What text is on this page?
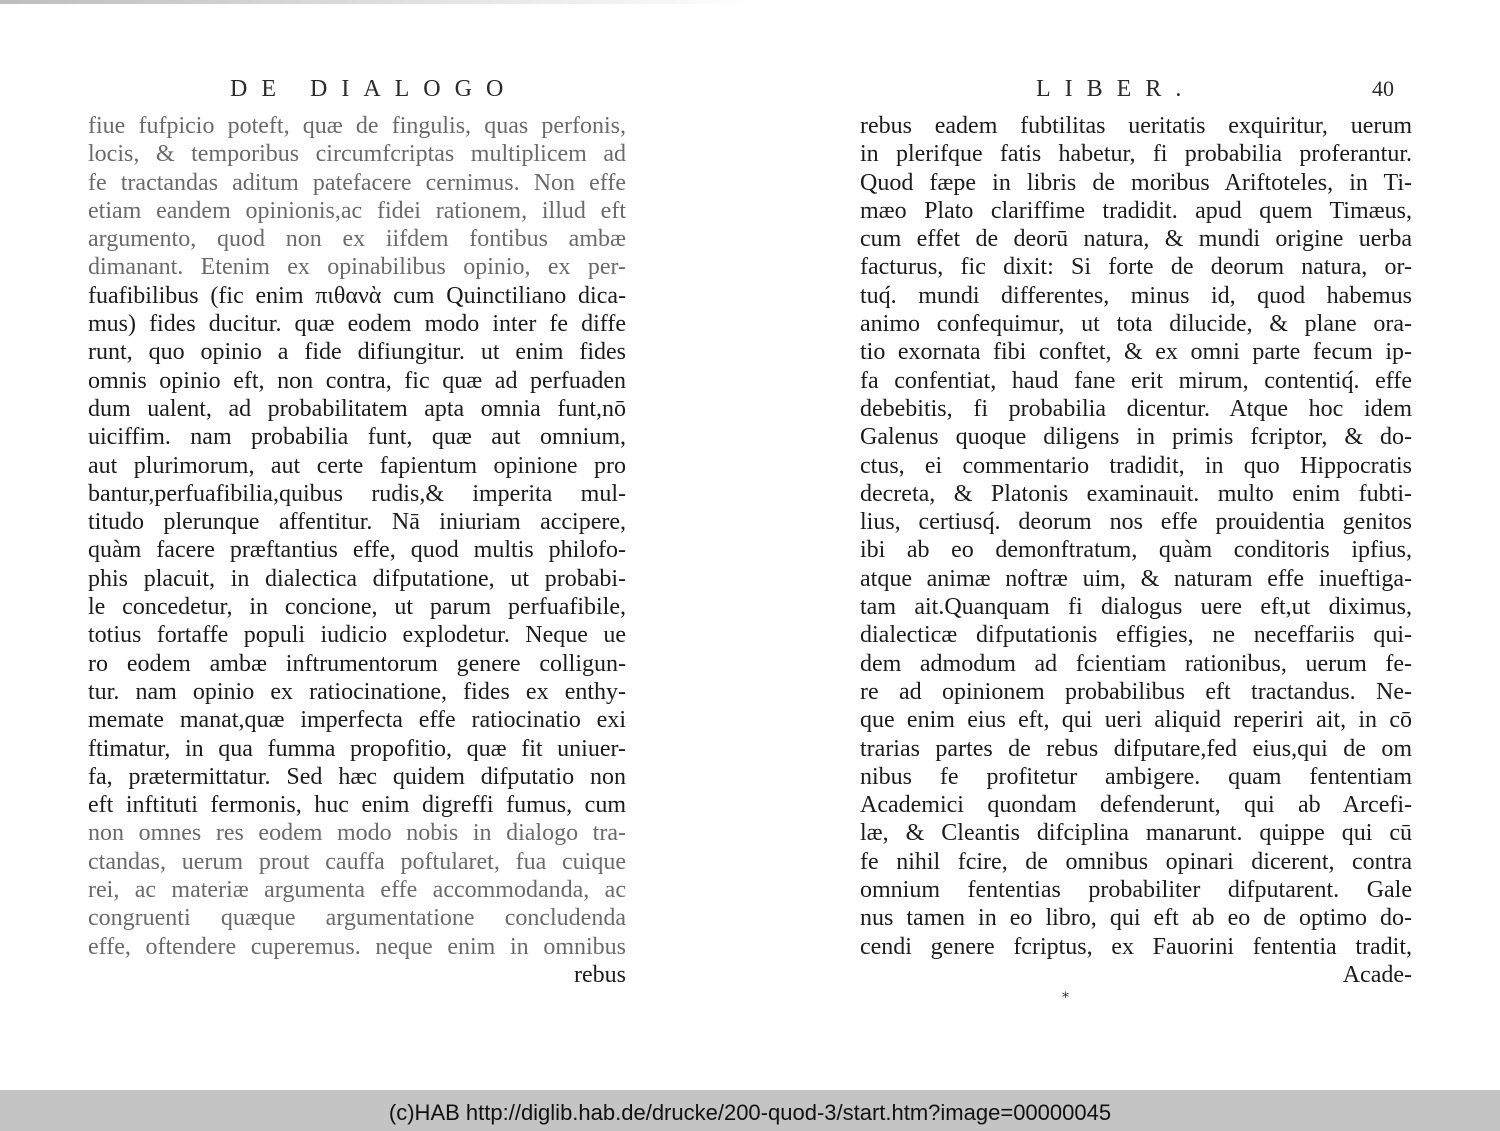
DE DIALOGO
fiue fufpicio poteft, quæ de fingulis, quas perfonis,
locis, & temporibus circumfcriptas multiplicem ad
fe tractandas aditum patefacere cernimus. Non effe
etiam eandem opinionis,ac fidei rationem, illud eft
argumento, quod non ex iifdem fontibus ambæ
dimanant. Etenim ex opinabilibus opinio, ex per-
fuafibilibus (fic enim πιθανὰ cum Quinctiliano dica-
mus) fides ducitur. quæ eodem modo inter fe diffe
runt, quo opinio a fide difiungitur. ut enim fides
omnis opinio eft, non contra, fic quæ ad perfuaden
dum ualent, ad probabilitatem apta omnia funt,nō
uiciffim. nam probabilia funt, quæ aut omnium,
aut plurimorum, aut certe fapientum opinione pro
bantur,perfuafibilia,quibus rudis,& imperita mul-
titudo plerunque affentitur. Nā iniuriam accipere,
quàm facere præftantius effe, quod multis philofo-
phis placuit, in dialectica difputatione, ut probabi-
le concedetur, in concione, ut parum perfuafibile,
totius fortaffe populi iudicio explodetur. Neque ue
ro eodem ambæ inftrumentorum genere colligun-
tur. nam opinio ex ratiocinatione, fides ex enthy-
memate manat,quæ imperfecta effe ratiocinatio exi
ftimatur, in qua fumma propofitio, quæ fit uniuer-
fa, prætermittatur. Sed hæc quidem difputatio non
eft inftituti fermonis, huc enim digreffi fumus, cum
non omnes res eodem modo nobis in dialogo tra-
ctandas, uerum prout cauffa poftularet, fua cuique
rei, ac materiæ argumenta effe accommodanda, ac
congruenti quæque argumentatione concludenda
effe, oftendere cuperemus. neque enim in omnibus
rebus
LIBER.	40
rebus eadem fubtilitas ueritatis exquiritur, uerum
in plerifque fatis habetur, fi probabilia proferantur.
Quod fæpe in libris de moribus Ariftoteles, in Ti-
mæo Plato clariffime tradidit. apud quem Timæus,
cum effet de deorū natura, & mundi origine uerba
facturus, fic dixit: Si forte de deorum natura, or-
tuq́. mundi differentes, minus id, quod habemus
animo confequimur, ut tota dilucide, & plane ora-
tio exornata fibi conftet, & ex omni parte fecum ip-
fa confentiat, haud fane erit mirum, contentiq́. effe
debebitis, fi probabilia dicentur. Atque hoc idem
Galenus quoque diligens in primis fcriptor, & do-
ctus, ei commentario tradidit, in quo Hippocratis
decreta, & Platonis examinauit. multo enim fubti-
lius, certiusq́. deorum nos effe prouidentia genitos
ibi ab eo demonftratum, quàm conditoris ipfius,
atque animæ noftræ uim, & naturam effe inueftiga-
tam ait.Quanquam fi dialogus uere eft,ut diximus,
dialecticæ difputationis effigies, ne neceffariis qui-
dem admodum ad fcientiam rationibus, uerum fe-
re ad opinionem probabilibus eft tractandus. Ne-
que enim eius eft, qui ueri aliquid reperiri ait, in cō
trarias partes de rebus difputare,fed eius,qui de om
nibus fe profitetur ambigere. quam fententiam
Academici quondam defenderunt, qui ab Arcefi-
læ, & Cleantis difciplina manarunt. quippe qui cū
fe nihil fcire, de omnibus opinari dicerent, contra
omnium fententias probabiliter difputarent. Gale
nus tamen in eo libro, qui eft ab eo de optimo do-
cendi genere fcriptus, ex Fauorini fententia tradit,
Acade-
*
(c)HAB http://diglib.hab.de/drucke/200-quod-3/start.htm?image=00000045
